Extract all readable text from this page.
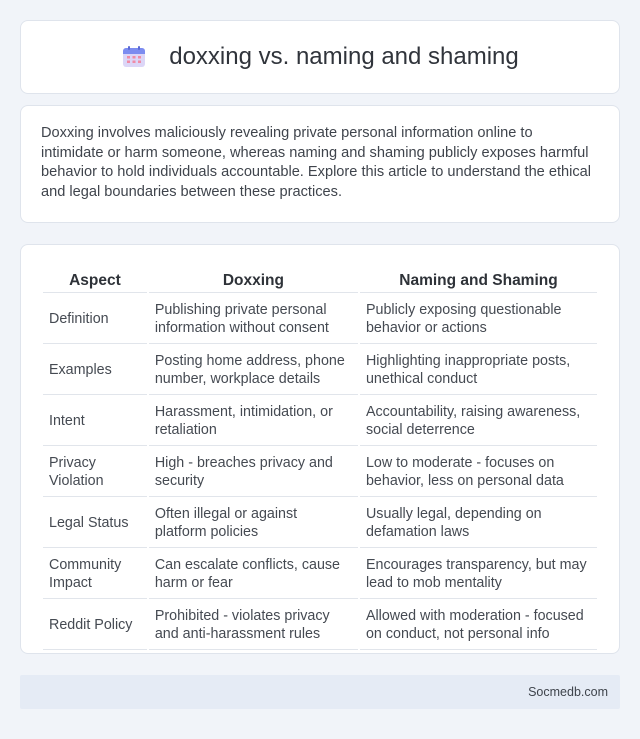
doxxing vs. naming and shaming

Doxxing involves maliciously revealing private personal information online to intimidate or harm someone, whereas naming and shaming publicly exposes harmful behavior to hold individuals accountable. Explore this article to understand the ethical and legal boundaries between these practices.

Aspect	Doxxing	Naming and Shaming
Definition	Publishing private personal information without consent	Publicly exposing questionable behavior or actions
Examples	Posting home address, phone number, workplace details	Highlighting inappropriate posts, unethical conduct
Intent	Harassment, intimidation, or retaliation	Accountability, raising awareness, social deterrence
Privacy Violation	High - breaches privacy and security	Low to moderate - focuses on behavior, less on personal data
Legal Status	Often illegal or against platform policies	Usually legal, depending on defamation laws
Community Impact	Can escalate conflicts, cause harm or fear	Encourages transparency, but may lead to mob mentality
Reddit Policy	Prohibited - violates privacy and anti-harassment rules	Allowed with moderation - focused on conduct, not personal info
Socmedb.com
